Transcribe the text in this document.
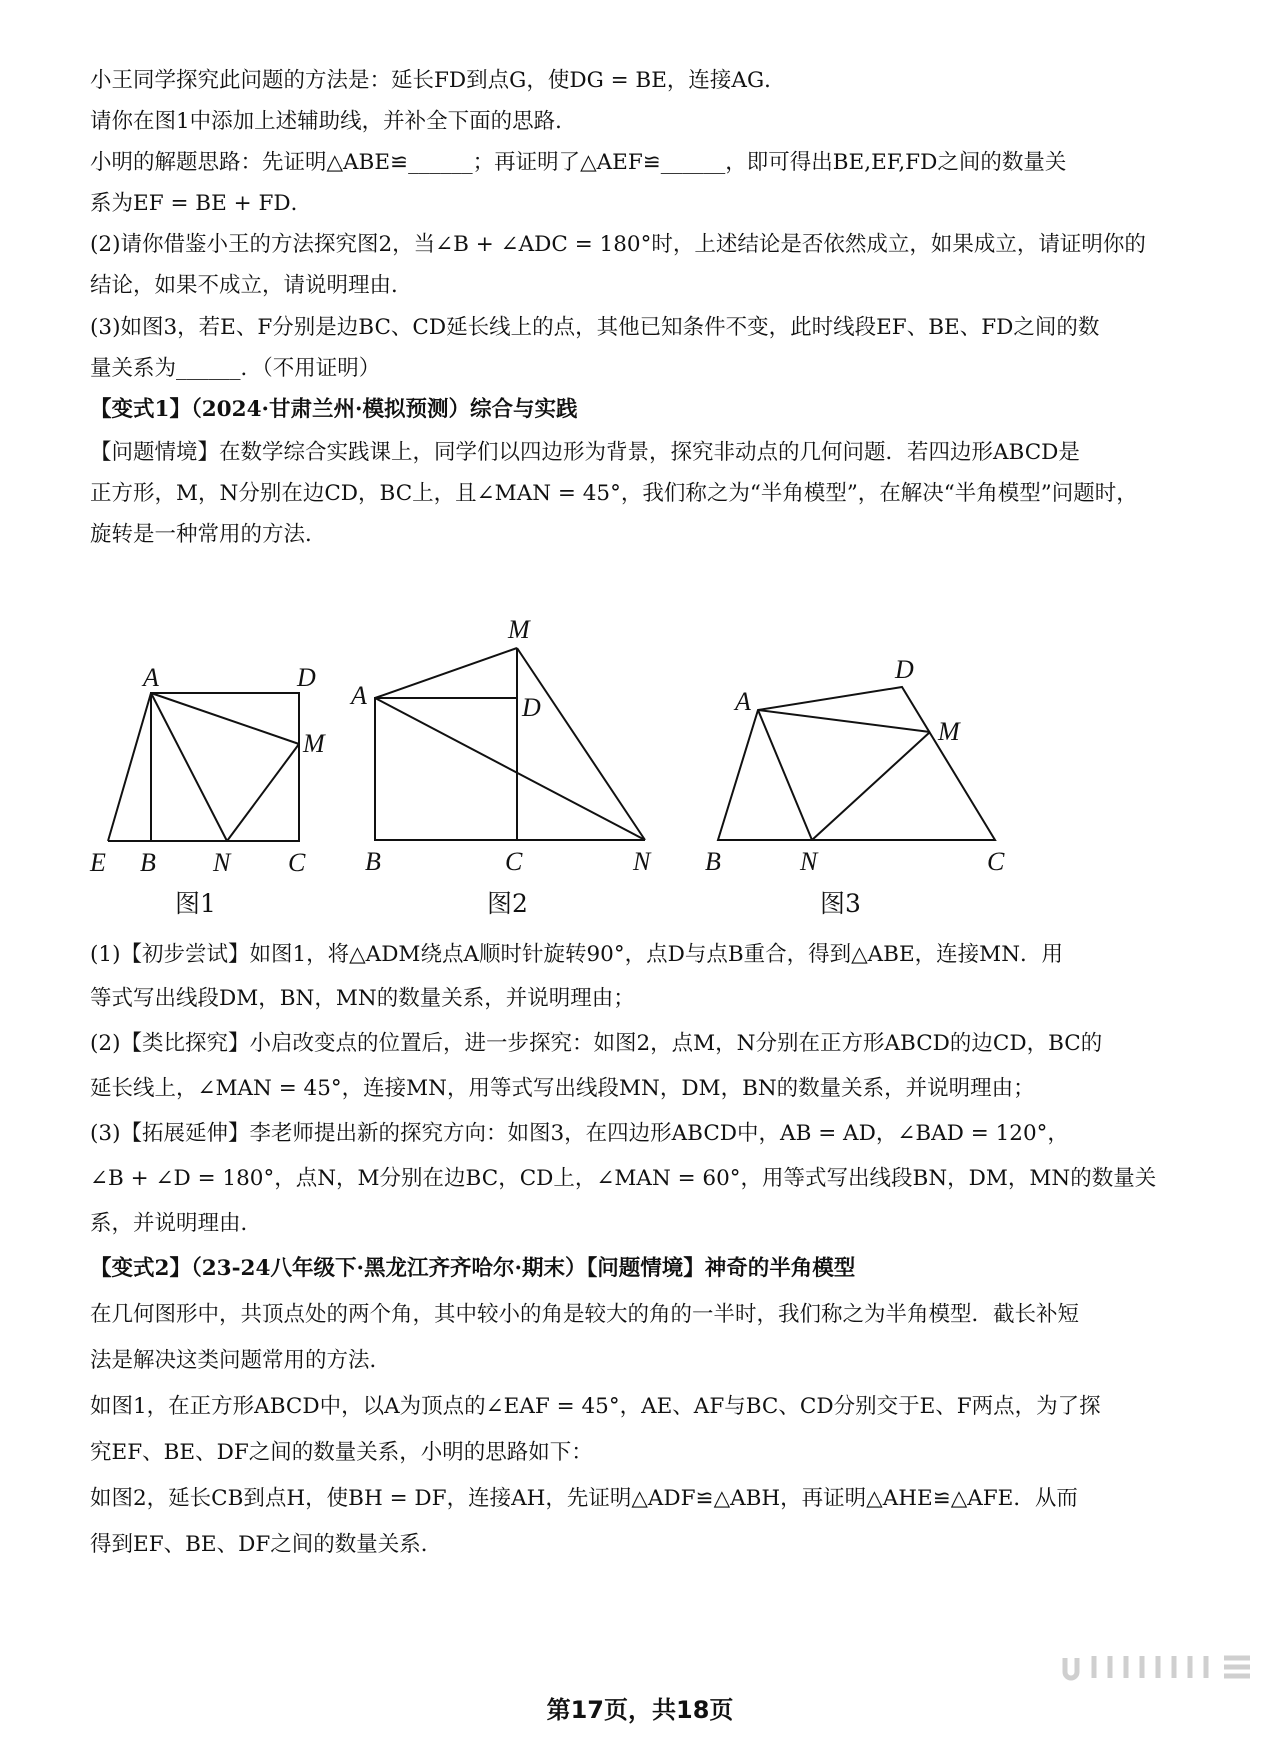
小王同学探究此问题的方法是：延长FD到点G，使DG = BE，连接AG．
请你在图1中添加上述辅助线，并补全下面的思路．
小明的解题思路：先证明△ABE≌______；再证明了△AEF≌______，即可得出BE,EF,FD之间的数量关
系为EF = BE + FD．
(2)请你借鉴小王的方法探究图2，当∠B + ∠ADC = 180°时，上述结论是否依然成立，如果成立，请证明你的
结论，如果不成立，请说明理由．
(3)如图3，若E、F分别是边BC、CD延长线上的点，其他已知条件不变，此时线段EF、BE、FD之间的数
量关系为______．（不用证明）
【变式1】（2024·甘肃兰州·模拟预测）综合与实践
【问题情境】在数学综合实践课上，同学们以四边形为背景，探究非动点的几何问题．若四边形ABCD是
正方形，M，N分别在边CD，BC上，且∠MAN = 45°，我们称之为“半角模型”，在解决“半角模型”问题时，
旋转是一种常用的方法．
A	D
M
E B N C
图1
M
A	D
B	C	N
图2
D
A
M
B	N	C
图3
(1)【初步尝试】如图1，将△ADM绕点A顺时针旋转90°，点D与点B重合，得到△ABE，连接MN．用
等式写出线段DM，BN，MN的数量关系，并说明理由；
(2)【类比探究】小启改变点的位置后，进一步探究：如图2，点M，N分别在正方形ABCD的边CD，BC的
延长线上，∠MAN = 45°，连接MN，用等式写出线段MN，DM，BN的数量关系，并说明理由；
(3)【拓展延伸】李老师提出新的探究方向：如图3，在四边形ABCD中，AB = AD，∠BAD = 120°，
∠B + ∠D = 180°，点N，M分别在边BC，CD上，∠MAN = 60°，用等式写出线段BN，DM，MN的数量关
系，并说明理由．
【变式2】（23-24八年级下·黑龙江齐齐哈尔·期末）【问题情境】神奇的半角模型
在几何图形中，共顶点处的两个角，其中较小的角是较大的角的一半时，我们称之为半角模型．截长补短
法是解决这类问题常用的方法．
如图1，在正方形ABCD中，以A为顶点的∠EAF = 45°，AE、AF与BC、CD分别交于E、F两点，为了探
究EF、BE、DF之间的数量关系，小明的思路如下：
如图2，延长CB到点H，使BH = DF，连接AH，先证明△ADF≌△ABH，再证明△AHE≌△AFE．从而
得到EF、BE、DF之间的数量关系．
第17页，共18页
